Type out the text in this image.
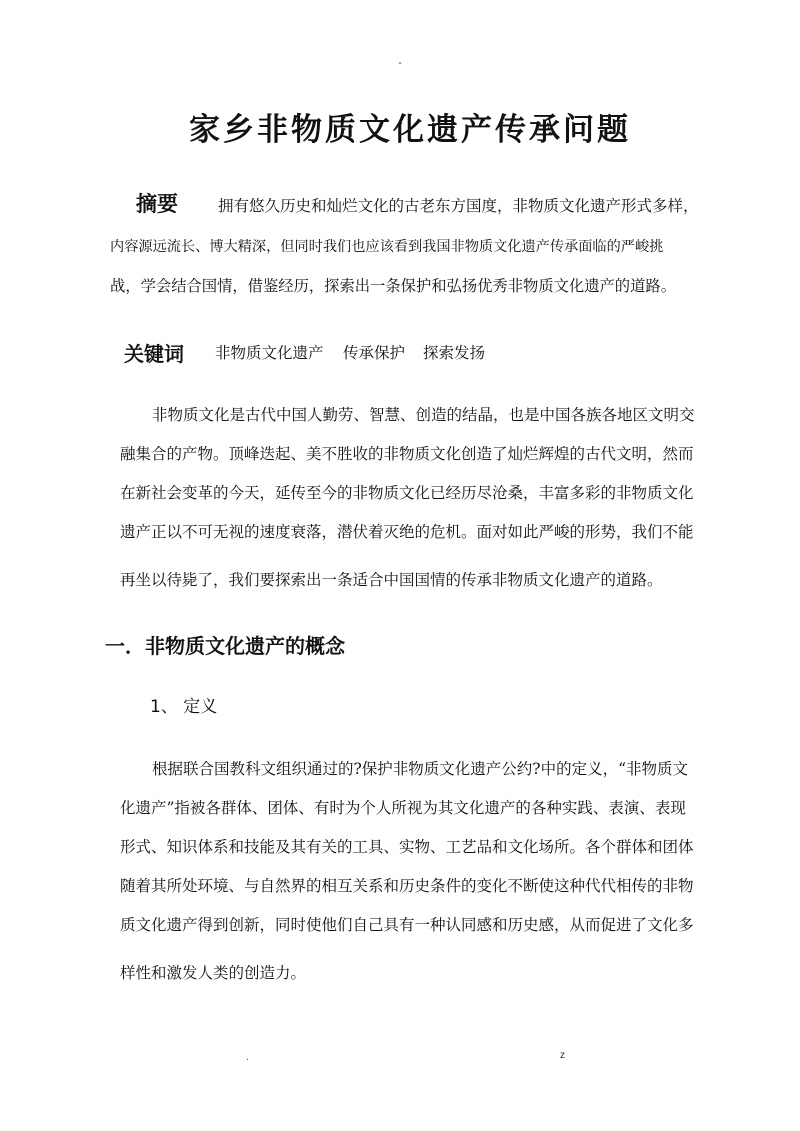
-
家乡非物质文化遗产传承问题
摘要	拥有悠久历史和灿烂文化的古老东方国度，非物质文化遗产形式多样，
内容源远流长、博大精深，但同时我们也应该看到我国非物质文化遗产传承面临的严峻挑
战，学会结合国情，借鉴经历，探索出一条保护和弘扬优秀非物质文化遗产的道路。
关键词 非物质文化遗产 传承保护 探索发扬
非物质文化是古代中国人勤劳、智慧、创造的结晶，也是中国各族各地区文明交
融集合的产物。顶峰迭起、美不胜收的非物质文化创造了灿烂辉煌的古代文明，然而
在新社会变革的今天，延传至今的非物质文化已经历尽沧桑，丰富多彩的非物质文化
遗产正以不可无视的速度衰落，潜伏着灭绝的危机。面对如此严峻的形势，我们不能
再坐以待毙了，我们要探索出一条适合中国国情的传承非物质文化遗产的道路。
一．非物质文化遗产的概念
1、 定义
根据联合国教科文组织通过的?保护非物质文化遗产公约?中的定义，“非物质文
化遗产”指被各群体、团体、有时为个人所视为其文化遗产的各种实践、表演、表现
形式、知识体系和技能及其有关的工具、实物、工艺品和文化场所。各个群体和团体
随着其所处环境、与自然界的相互关系和历史条件的变化不断使这种代代相传的非物
质文化遗产得到创新，同时使他们自己具有一种认同感和历史感，从而促进了文化多
样性和激发人类的创造力。
.	z
